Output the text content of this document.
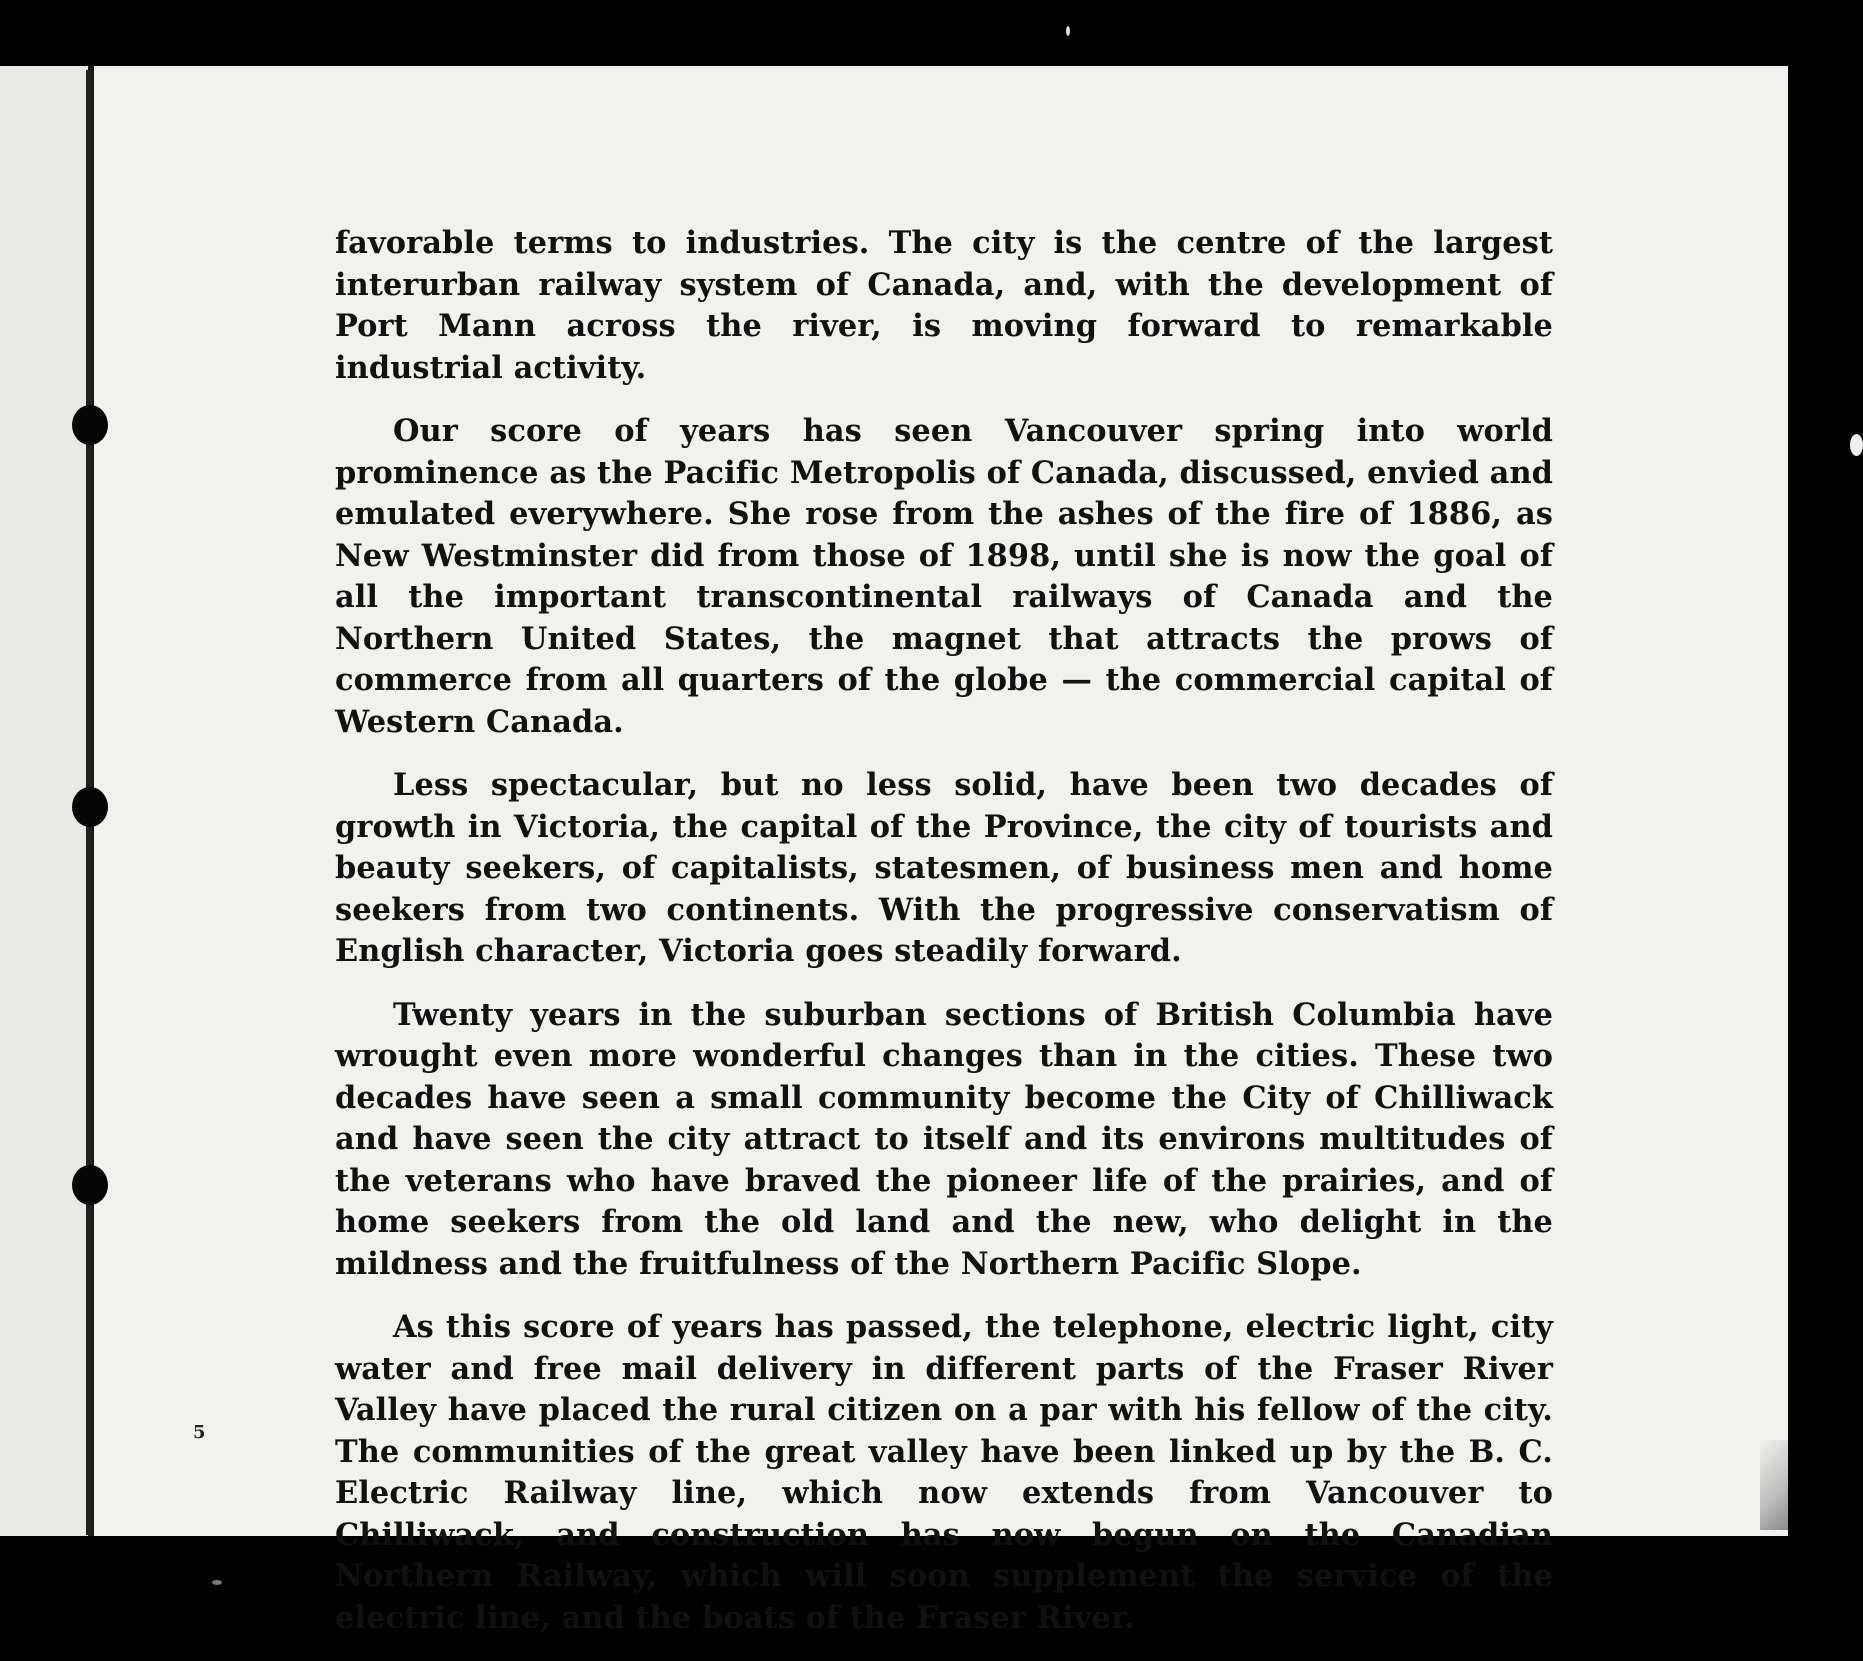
favorable terms to industries. The city is the centre of the largest interurban railway system of Canada, and, with the development of Port Mann across the river, is moving forward to remarkable industrial activity.

Our score of years has seen Vancouver spring into world prominence as the Pacific Metropolis of Canada, discussed, envied and emulated everywhere. She rose from the ashes of the fire of 1886, as New Westminster did from those of 1898, until she is now the goal of all the important transcontinental railways of Canada and the Northern United States, the magnet that attracts the prows of commerce from all quarters of the globe — the commercial capital of Western Canada.

Less spectacular, but no less solid, have been two decades of growth in Victoria, the capital of the Province, the city of tourists and beauty seekers, of capitalists, statesmen, of business men and home seekers from two continents. With the progressive conservatism of English character, Victoria goes steadily forward.

Twenty years in the suburban sections of British Columbia have wrought even more wonderful changes than in the cities. These two decades have seen a small community become the City of Chilliwack and have seen the city attract to itself and its environs multitudes of the veterans who have braved the pioneer life of the prairies, and of home seekers from the old land and the new, who delight in the mildness and the fruitfulness of the Northern Pacific Slope.

As this score of years has passed, the telephone, electric light, city water and free mail delivery in different parts of the Fraser River Valley have placed the rural citizen on a par with his fellow of the city. The communities of the great valley have been linked up by the B. C. Electric Railway line, which now extends from Vancouver to Chilliwack, and construction has now begun on the Canadian Northern Railway, which will soon supplement the service of the electric line, and the boats of the Fraser River.

5
